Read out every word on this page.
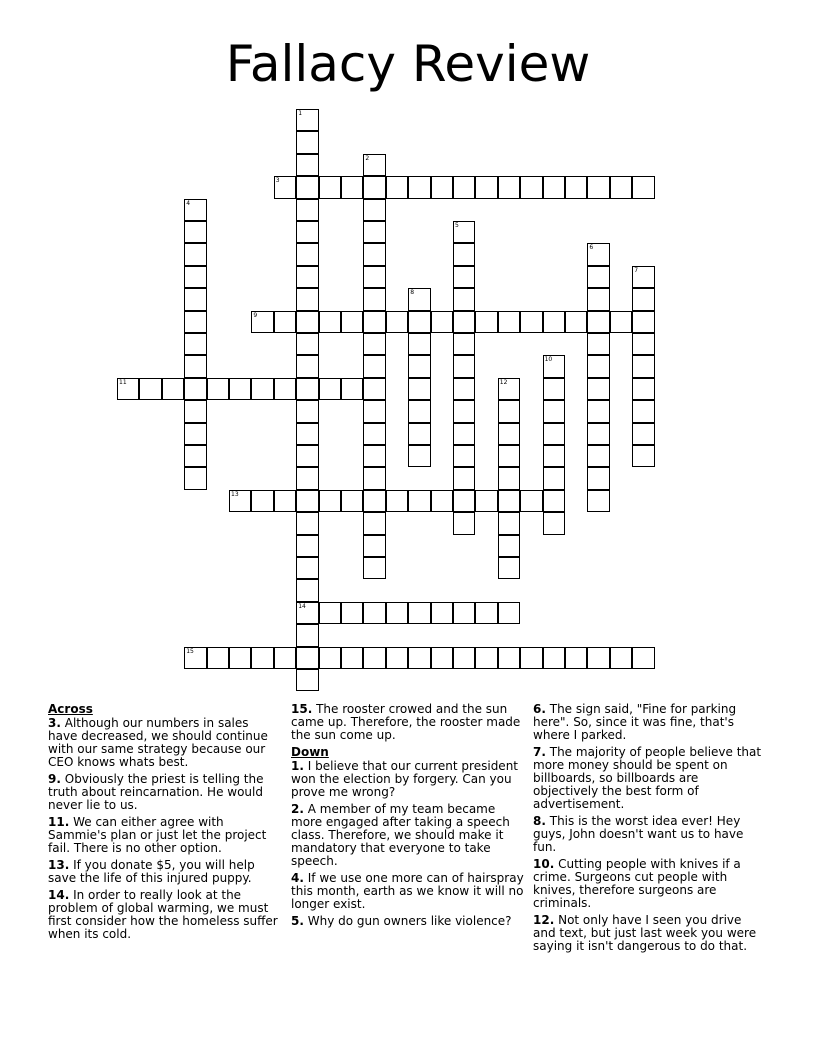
Fallacy Review
1
14
2
3
4
5
6
7
8
9
10
11	12
13
15
Across
3. Although our numbers in sales have decreased, we should continue with our same strategy because our CEO knows whats best.
9. Obviously the priest is telling the truth about reincarnation. He would never lie to us.
11. We can either agree with Sammie's plan or just let the project fail. There is no other option.
13. If you donate $5, you will help save the life of this injured puppy.
14. In order to really look at the problem of global warming, we must first consider how the homeless suffer when its cold.
15. The rooster crowed and the sun came up. Therefore, the rooster made the sun come up.
Down
1. I believe that our current president won the election by forgery. Can you prove me wrong?
2. A member of my team became more engaged after taking a speech class. Therefore, we should make it mandatory that everyone to take speech.
4. If we use one more can of hairspray this month, earth as we know it will no longer exist.
5. Why do gun owners like violence?
6. The sign said, "Fine for parking here". So, since it was fine, that's where I parked.
7. The majority of people believe that more money should be spent on billboards, so billboards are objectively the best form of advertisement.
8. This is the worst idea ever! Hey guys, John doesn't want us to have fun.
10. Cutting people with knives if a crime. Surgeons cut people with knives, therefore surgeons are criminals.
12. Not only have I seen you drive and text, but just last week you were saying it isn't dangerous to do that.
